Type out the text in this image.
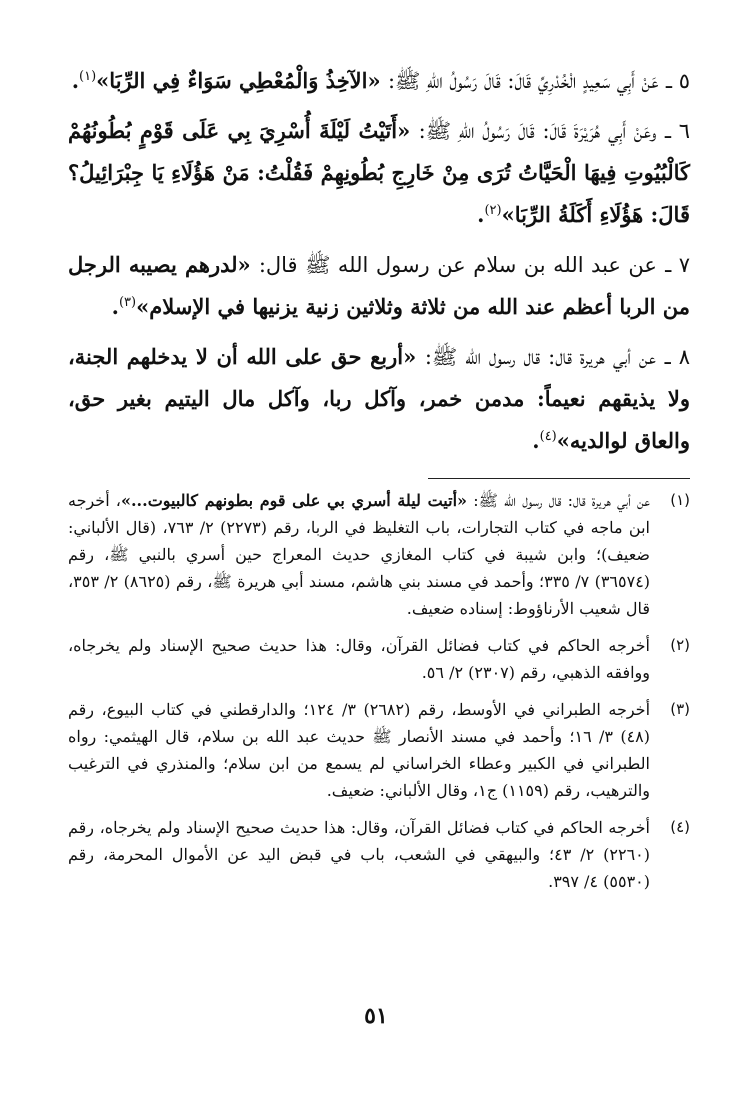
٥ ـ عَنْ أَبِي سَعِيدٍ الْخُدْرِيِّ قَالَ: قَالَ رَسُولُ اللهِ ﷺ: «الآخِذُ وَالْمُعْطِي سَوَاءٌ فِي الرِّبَا»$^{(١)}$.

٦ ـ وعَنْ أَبِي هُرَيْرَةَ قَالَ: قَالَ رَسُولُ اللهِ ﷺ: «أَتَيْتُ لَيْلَةَ أُسْرِيَ بِي عَلَى قَوْمٍ بُطُونُهُمْ كَالْبُيُوتِ فِيهَا الْحَيَّاتُ تُرَى مِنْ خَارِجِ بُطُونِهِمْ فَقُلْتُ: مَنْ هَؤُلَاءِ يَا جِبْرَائِيلُ؟ قَالَ: هَؤُلَاءِ أَكَلَةُ الرِّبَا»$^{(٢)}$.

٧ ـ عن عبد الله بن سلام عن رسول الله ﷺ قال: «لدرهم يصيبه الرجل من الربا أعظم عند الله من ثلاثة وثلاثين زنية يزنيها في الإسلام»$^{(٣)}$.

٨ ـ عن أبي هريرة قال: قال رسول الله ﷺ: «أربع حق على الله أن لا يدخلهم الجنة، ولا يذيقهم نعيماً: مدمن خمر، وآكل ربا، وآكل مال اليتيم بغير حق، والعاق لوالديه»$^{(٤)}$.

(١)
عن أبي هريرة قال: قال رسول الله ﷺ: «أتيت ليلة أسري بي على قوم بطونهم كالبيوت...»، أخرجه ابن ماجه في كتاب التجارات، باب التغليظ في الربا، رقم (٢٢٧٣) ٢/ ٧٦٣، (قال الألباني: ضعيف)؛ وابن شيبة في كتاب المغازي حديث المعراج حين أسري بالنبي ﷺ، رقم (٣٦٥٧٤) ٧/ ٣٣٥؛ وأحمد في مسند بني هاشم، مسند أبي هريرة ﷺ، رقم (٨٦٢٥) ٢/ ٣٥٣، قال شعيب الأرناؤوط: إسناده ضعيف.
(٢)
أخرجه الحاكم في كتاب فضائل القرآن، وقال: هذا حديث صحيح الإسناد ولم يخرجاه، ووافقه الذهبي، رقم (٢٣٠٧) ٢/ ٥٦.
(٣)
أخرجه الطبراني في الأوسط، رقم (٢٦٨٢) ٣/ ١٢٤؛ والدارقطني في كتاب البيوع، رقم (٤٨) ٣/ ١٦؛ وأحمد في مسند الأنصار ﷺ حديث عبد الله بن سلام، قال الهيثمي: رواه الطبراني في الكبير وعطاء الخراساني لم يسمع من ابن سلام؛ والمنذري في الترغيب والترهيب، رقم (١١٥٩) ج١، وقال الألباني: ضعيف.
(٤)
أخرجه الحاكم في كتاب فضائل القرآن، وقال: هذا حديث صحيح الإسناد ولم يخرجاه، رقم (٢٢٦٠) ٢/ ٤٣؛ والبيهقي في الشعب، باب في قبض اليد عن الأموال المحرمة، رقم (٥٥٣٠) ٤/ ٣٩٧.
٥١
